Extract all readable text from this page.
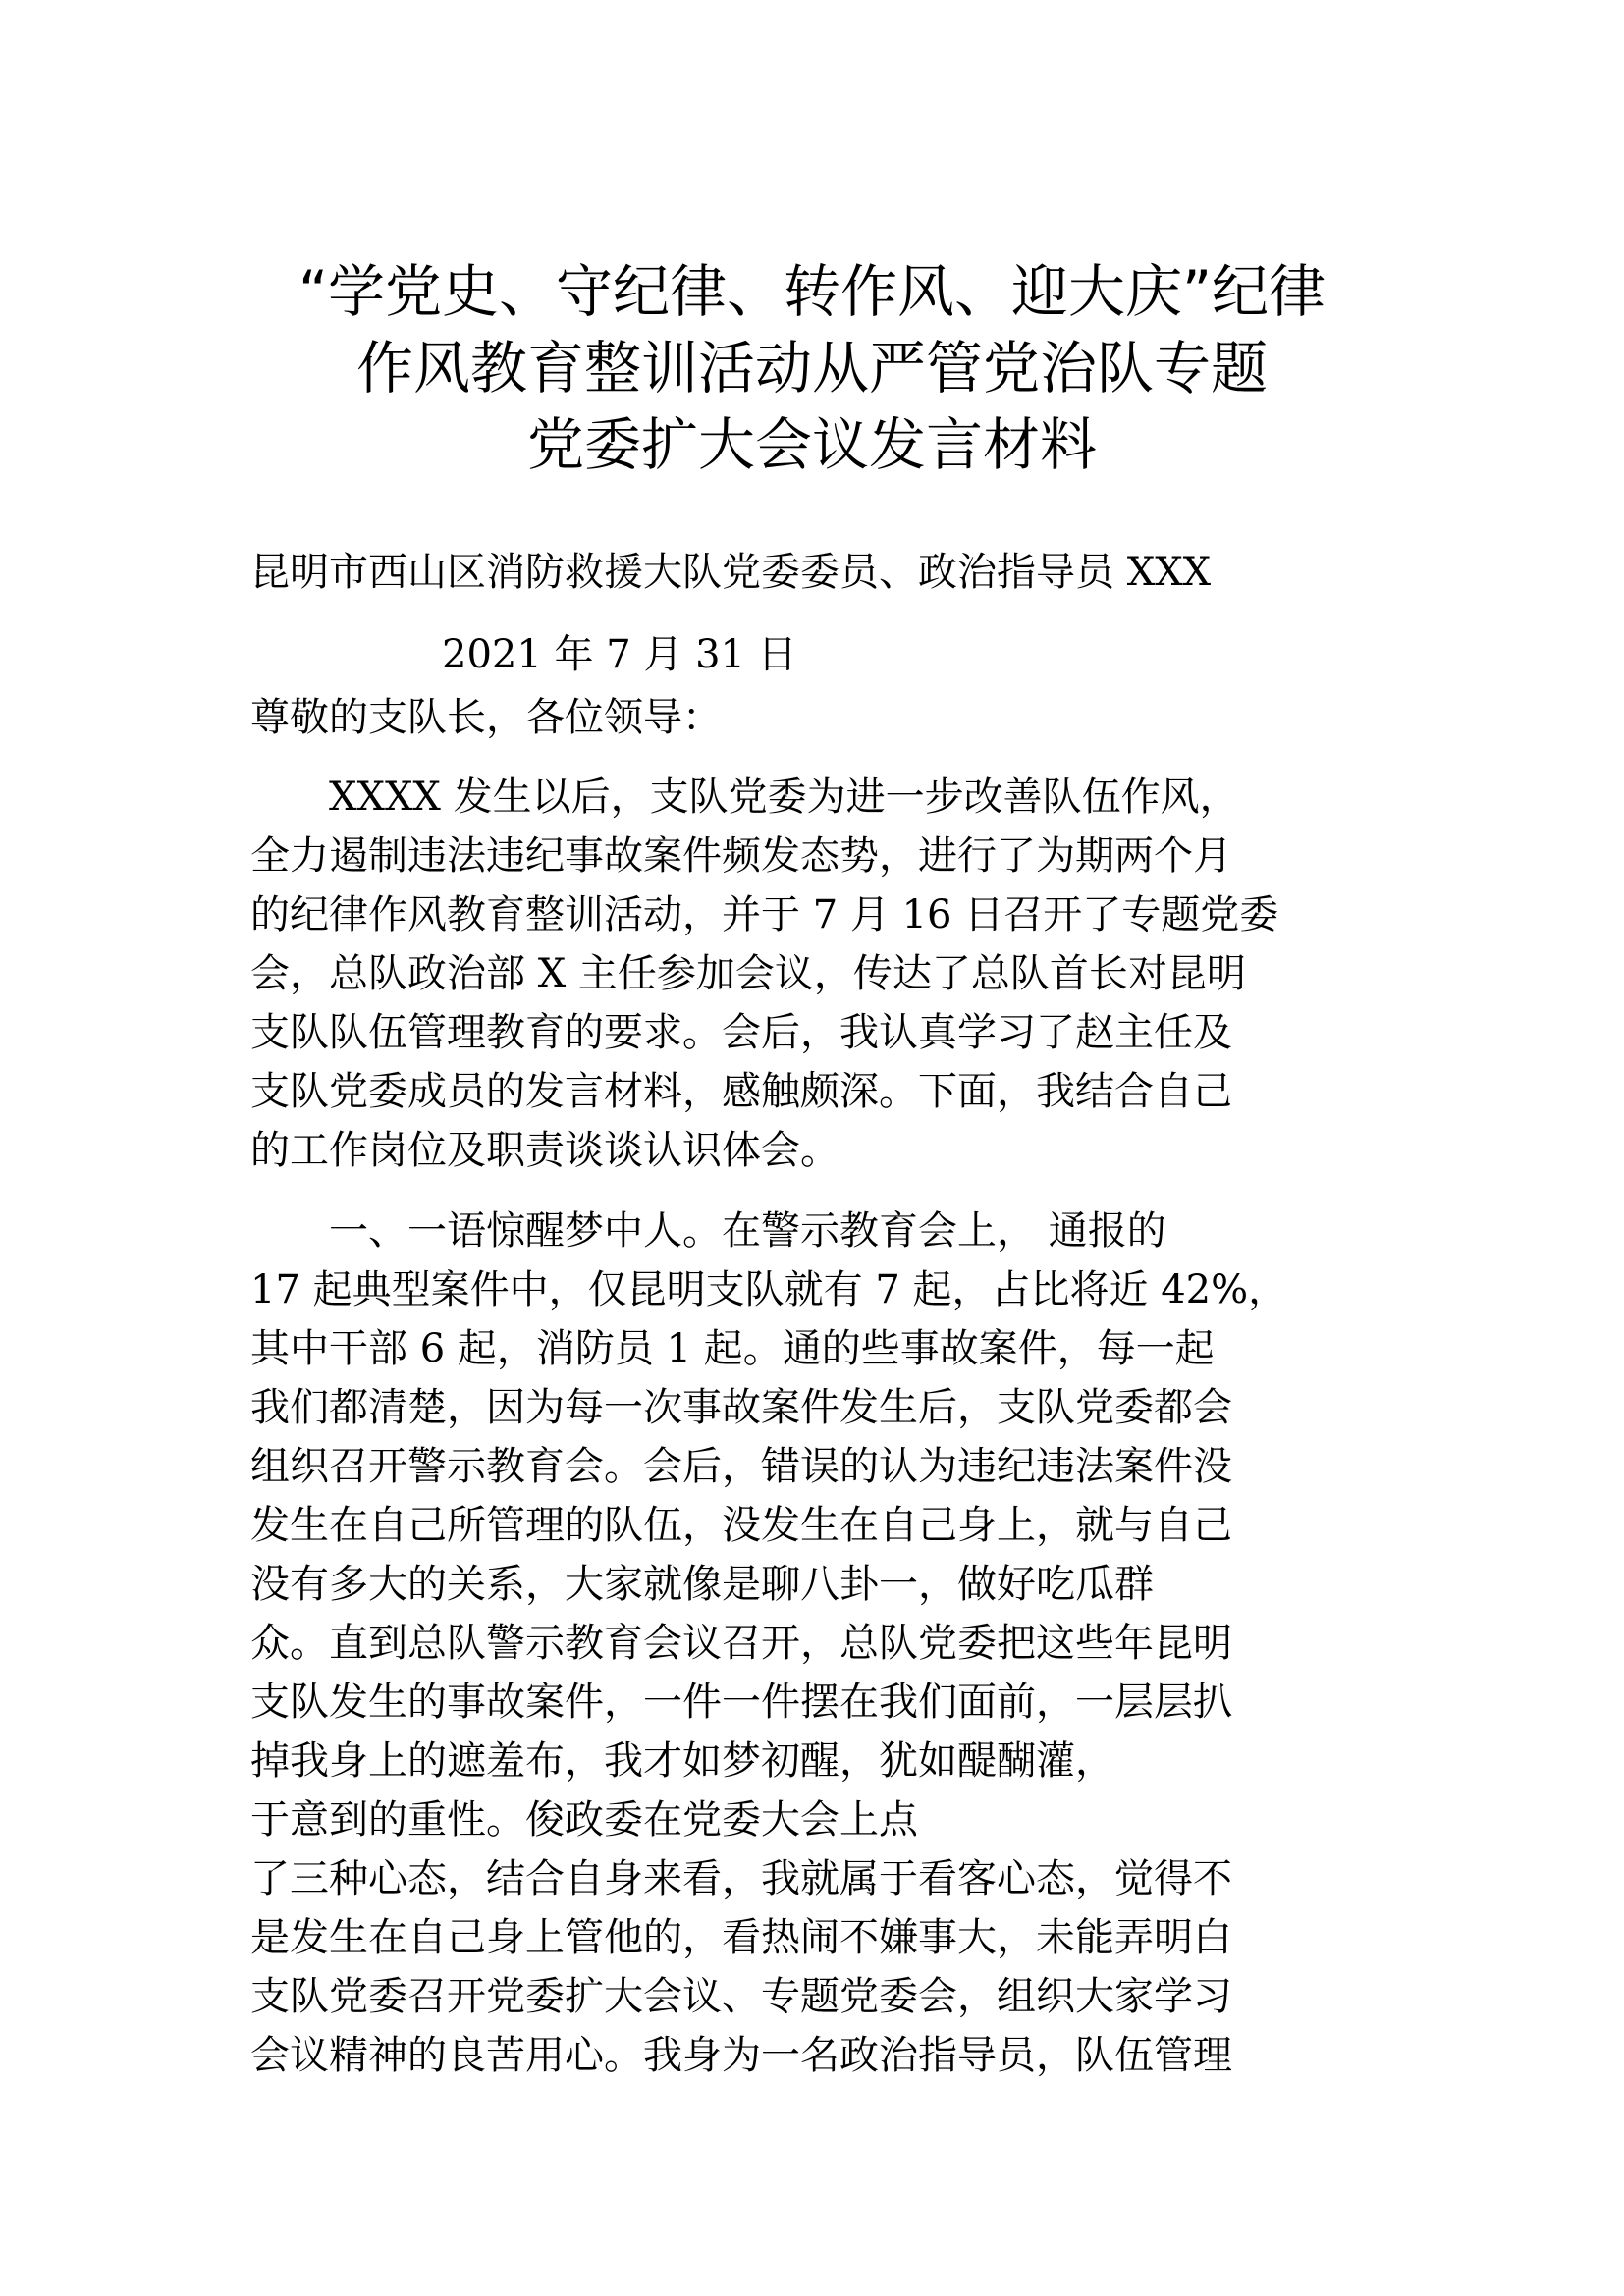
“学党史、守纪律、转作风、迎大庆”纪律
作风教育整训活动从严管党治队专题
党委扩大会议发言材料

昆明市西山区消防救援大队党委委员、政治指导员 XXX

2021 年 7 月 31 日

尊敬的支队长，各位领导：

XXXX 发生以后，支队党委为进一步改善队伍作风，
全力遏制违法违纪事故案件频发态势，进行了为期两个月
的纪律作风教育整训活动，并于 7 月 16 日召开了专题党委
会，总队政治部 X 主任参加会议，传达了总队首长对昆明
支队队伍管理教育的要求。会后，我认真学习了赵主任及
支队党委成员的发言材料，感触颇深。下面，我结合自己
的工作岗位及职责谈谈认识体会。

一、一语惊醒梦中人。在警示教育会上， 通报的
17 起典型案件中，仅昆明支队就有 7 起，占比将近 42%，
其中干部 6 起，消防员 1 起。通的些事故案件，每一起
我们都清楚，因为每一次事故案件发生后，支队党委都会
组织召开警示教育会。会后，错误的认为违纪违法案件没
发生在自己所管理的队伍，没发生在自己身上，就与自己
没有多大的关系，大家就像是聊八卦一，做好吃瓜群
众。直到总队警示教育会议召开，总队党委把这些年昆明
支队发生的事故案件，一件一件摆在我们面前，一层层扒
掉我身上的遮羞布，我才如梦初醒，犹如醍醐灌，
于意到的重性。俊政委在党委大会上点
了三种心态，结合自身来看，我就属于看客心态，觉得不
是发生在自己身上管他的，看热闹不嫌事大，未能弄明白
支队党委召开党委扩大会议、专题党委会，组织大家学习
会议精神的良苦用心。我身为一名政治指导员，队伍管理
